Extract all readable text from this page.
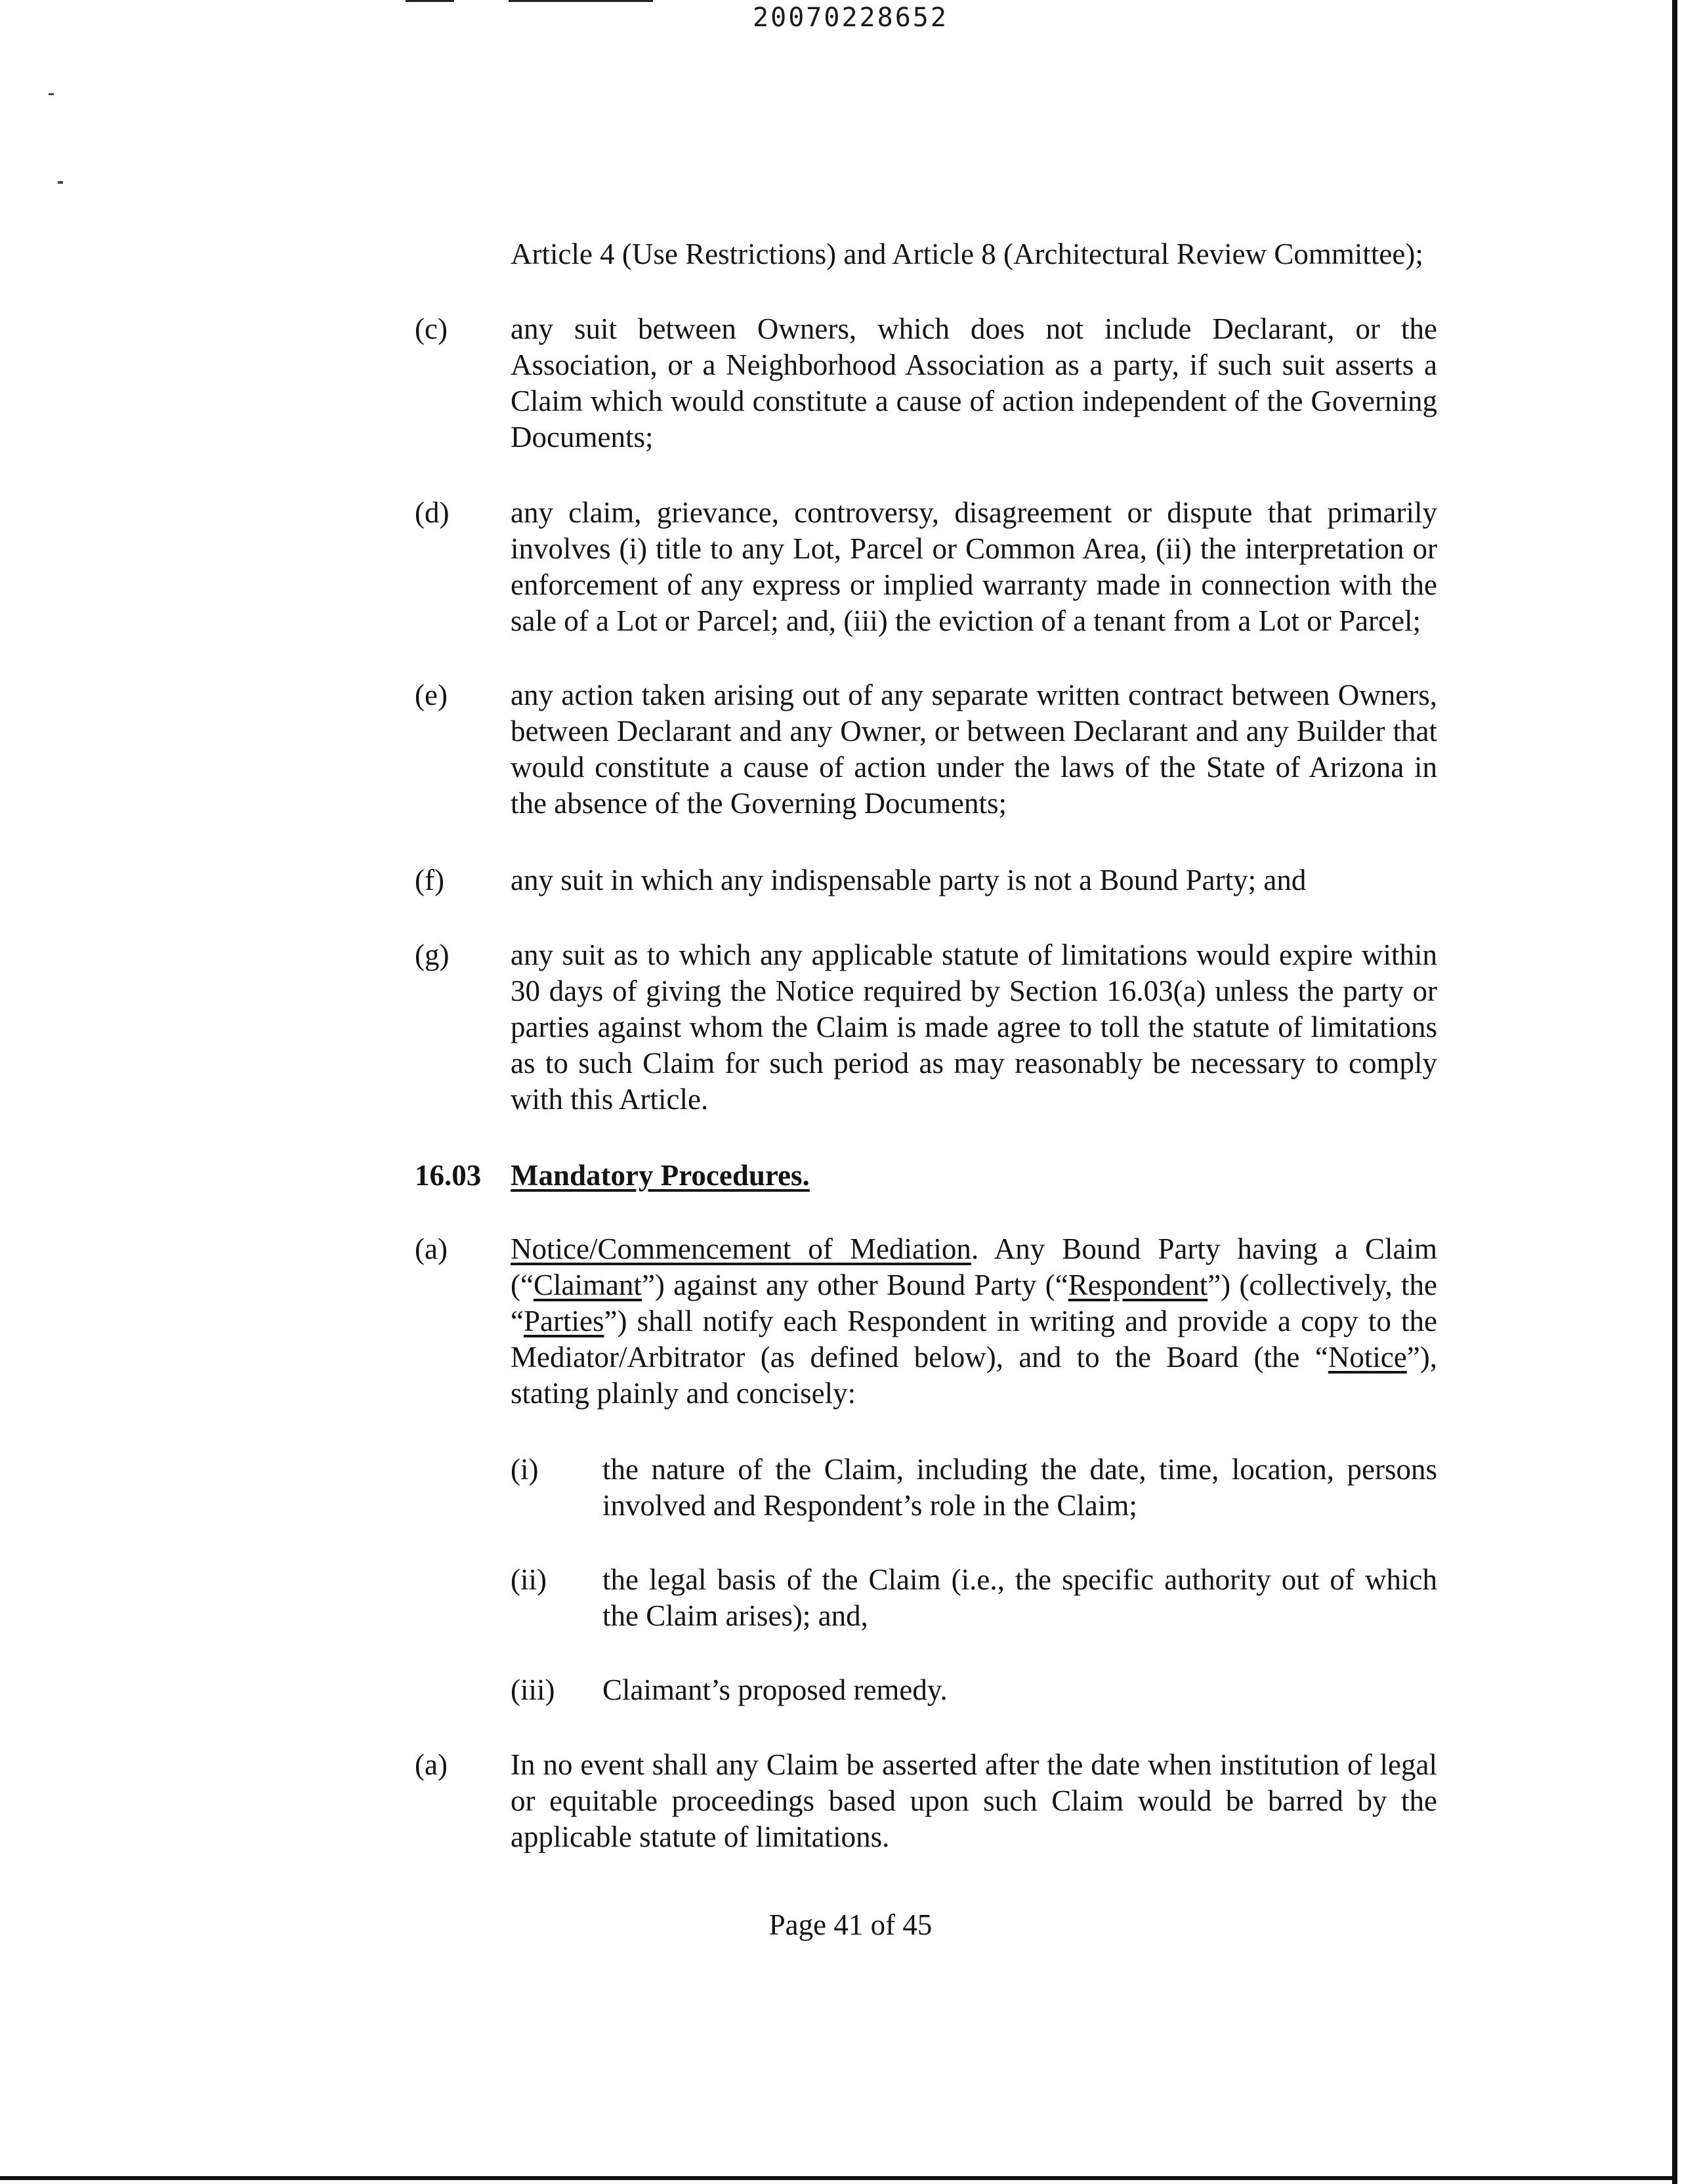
20070228652
Article 4 (Use Restrictions) and Article 8 (Architectural Review Committee);
(c) any suit between Owners, which does not include Declarant, or the Association, or a Neighborhood Association as a party, if such suit asserts a Claim which would constitute a cause of action independent of the Governing Documents;
(d) any claim, grievance, controversy, disagreement or dispute that primarily involves (i) title to any Lot, Parcel or Common Area, (ii) the interpretation or enforcement of any express or implied warranty made in connection with the sale of a Lot or Parcel; and, (iii) the eviction of a tenant from a Lot or Parcel;
(e) any action taken arising out of any separate written contract between Owners, between Declarant and any Owner, or between Declarant and any Builder that would constitute a cause of action under the laws of the State of Arizona in the absence of the Governing Documents;
(f) any suit in which any indispensable party is not a Bound Party; and
(g) any suit as to which any applicable statute of limitations would expire within 30 days of giving the Notice required by Section 16.03(a) unless the party or parties against whom the Claim is made agree to toll the statute of limitations as to such Claim for such period as may reasonably be necessary to comply with this Article.
16.03 Mandatory Procedures.
(a) Notice/Commencement of Mediation. Any Bound Party having a Claim (“Claimant”) against any other Bound Party (“Respondent”) (collectively, the “Parties”) shall notify each Respondent in writing and provide a copy to the Mediator/Arbitrator (as defined below), and to the Board (the “Notice”), stating plainly and concisely:
(i) the nature of the Claim, including the date, time, location, persons involved and Respondent’s role in the Claim;
(ii) the legal basis of the Claim (i.e., the specific authority out of which the Claim arises); and,
(iii) Claimant’s proposed remedy.
(a) In no event shall any Claim be asserted after the date when institution of legal or equitable proceedings based upon such Claim would be barred by the applicable statute of limitations.
Page 41 of 45
